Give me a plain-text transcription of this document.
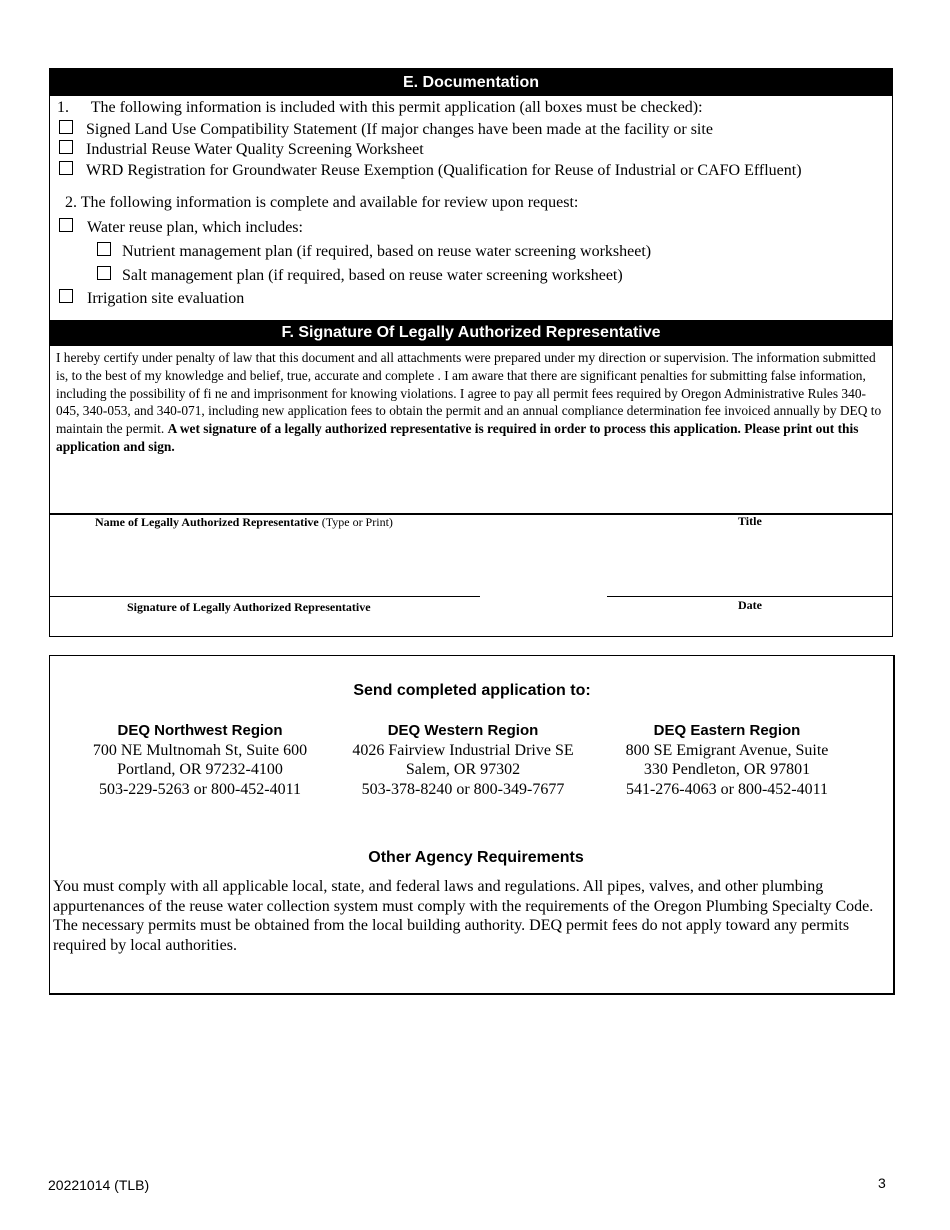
E. Documentation
1. The following information is included with this permit application (all boxes must be checked):
Signed Land Use Compatibility Statement (If major changes have been made at the facility or site
Industrial Reuse Water Quality Screening Worksheet
WRD Registration for Groundwater Reuse Exemption (Qualification for Reuse of Industrial or CAFO Effluent)
2. The following information is complete and available for review upon request:
Water reuse plan, which includes:
Nutrient management plan (if required, based on reuse water screening worksheet)
Salt management plan (if required, based on reuse water screening worksheet)
Irrigation site evaluation
F. Signature Of Legally Authorized Representative
I hereby certify under penalty of law that this document and all attachments were prepared under my direction or supervision. The information submitted is, to the best of my knowledge and belief, true, accurate and complete . I am aware that there are significant penalties for submitting false information, including the possibility of fi ne and imprisonment for knowing violations. I agree to pay all permit fees required by Oregon Administrative Rules 340-045, 340-053, and 340-071, including new application fees to obtain the permit and an annual compliance determination fee invoiced annually by DEQ to maintain the permit. A wet signature of a legally authorized representative is required in order to process this application. Please print out this application and sign.
Name of Legally Authorized Representative (Type or Print)	Title
Signature of Legally Authorized Representative	Date
Send completed application to:
DEQ Northwest Region
700 NE Multnomah St, Suite 600
Portland, OR 97232-4100
503-229-5263 or 800-452-4011
DEQ Western Region
4026 Fairview Industrial Drive SE
Salem, OR 97302
503-378-8240 or 800-349-7677
DEQ Eastern Region
800 SE Emigrant Avenue, Suite
330 Pendleton, OR 97801
541-276-4063 or 800-452-4011
Other Agency Requirements
You must comply with all applicable local, state, and federal laws and regulations. All pipes, valves, and other plumbing appurtenances of the reuse water collection system must comply with the requirements of the Oregon Plumbing Specialty Code. The necessary permits must be obtained from the local building authority. DEQ permit fees do not apply toward any permits required by local authorities.
20221014 (TLB)	3
